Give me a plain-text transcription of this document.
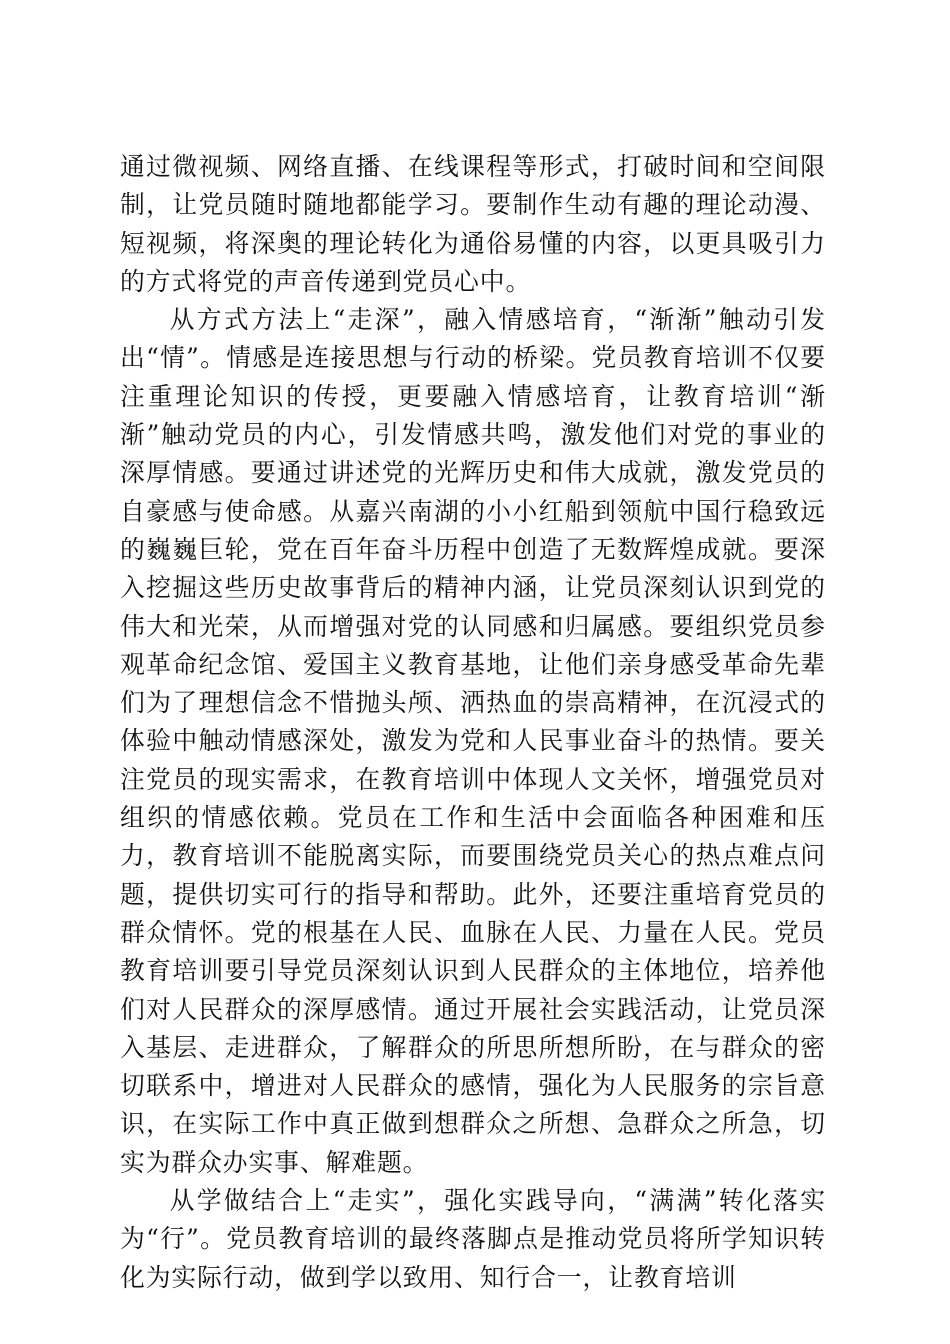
通过微视频、网络直播、在线课程等形式，打破时间和空间限制，让党员随时随地都能学习。要制作生动有趣的理论动漫、短视频，将深奥的理论转化为通俗易懂的内容，以更具吸引力的方式将党的声音传递到党员心中。

从方式方法上“走深”，融入情感培育，“渐渐”触动引发出“情”。情感是连接思想与行动的桥梁。党员教育培训不仅要注重理论知识的传授，更要融入情感培育，让教育培训“渐渐”触动党员的内心，引发情感共鸣，激发他们对党的事业的深厚情感。要通过讲述党的光辉历史和伟大成就，激发党员的自豪感与使命感。从嘉兴南湖的小小红船到领航中国行稳致远的巍巍巨轮，党在百年奋斗历程中创造了无数辉煌成就。要深入挖掘这些历史故事背后的精神内涵，让党员深刻认识到党的伟大和光荣，从而增强对党的认同感和归属感。要组织党员参观革命纪念馆、爱国主义教育基地，让他们亲身感受革命先辈们为了理想信念不惜抛头颅、洒热血的崇高精神，在沉浸式的体验中触动情感深处，激发为党和人民事业奋斗的热情。要关注党员的现实需求，在教育培训中体现人文关怀，增强党员对组织的情感依赖。党员在工作和生活中会面临各种困难和压力，教育培训不能脱离实际，而要围绕党员关心的热点难点问题，提供切实可行的指导和帮助。此外，还要注重培育党员的群众情怀。党的根基在人民、血脉在人民、力量在人民。党员教育培训要引导党员深刻认识到人民群众的主体地位，培养他们对人民群众的深厚感情。通过开展社会实践活动，让党员深入基层、走进群众，了解群众的所思所想所盼，在与群众的密切联系中，增进对人民群众的感情，强化为人民服务的宗旨意识，在实际工作中真正做到想群众之所想、急群众之所急，切实为群众办实事、解难题。

从学做结合上“走实”，强化实践导向，“满满”转化落实为“行”。党员教育培训的最终落脚点是推动党员将所学知识转化为实际行动，做到学以致用、知行合一，让教育培训
